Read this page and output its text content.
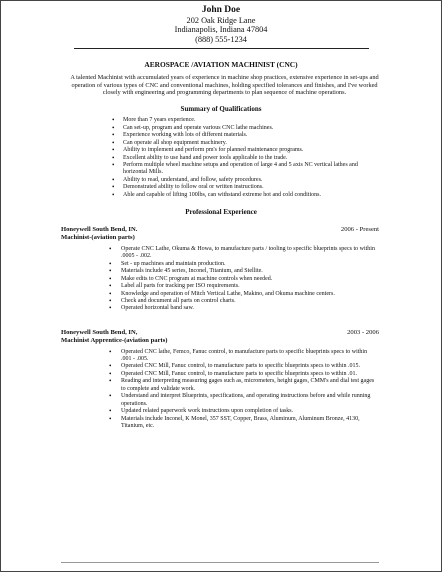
John Doe
202 Oak Ridge Lane
Indianapolis, Indiana 47804
(888) 555-1234
AEROSPACE /AVIATION MACHINIST (CNC)
A talented Machinist with accumulated years of experience in machine shop practices, extensive experience in set-ups and operation of various types of CNC and conventional machines, holding specified tolerances and finishes, and I've worked closely with engineering and programming departments to plan sequence of machine operations.
Summary of Qualifications
• More than 7 years experience.
• Can set-up, program and operate various CNC lathe machines.
• Experience working with lots of different materials.
• Can operate all shop equipment machinery.
• Ability to implement and perform pm's for planned maintenance programs.
• Excellent ability to use hand and power tools applicable to the trade.
• Perform multiple wheel machine setups and operation of large 4 and 5 axis NC vertical lathes and horizontal Mills.
• Ability to read, understand, and follow, safety procedures.
• Demonstrated ability to follow oral or written instructions.
• Able and capable of lifting 100lbs, can withstand extreme hot and cold conditions.
Professional Experience
Honeywell South Bend, IN.	2006 - Present
Machinist-(aviation parts)
• Operate CNC Lathe, Okuma & Howa, to manufacture parts / tooling to specific blueprints specs to within .0005 - .002.
• Set - up machines and maintain production.
• Materials include 45 series, Inconel, Titanium, and Stellite.
• Make edits to CNC program at machine controls when needed.
• Label all parts for tracking per ISO requirements.
• Knowledge and operation of Mitch Vertical Lathe, Makino, and Okuma machine centers.
• Check and document all parts on control charts.
• Operated horizontal band saw.
Honeywell South Bend, IN,	2003 - 2006
Machinist Apprentice-(aviation parts)
• Operated CNC lathe, Femco, Fanuc control, to manufacture parts to specific blueprints specs to within .001 - .005.
• Operated CNC Mill, Fanuc control, to manufacture parts to specific blueprints specs to within .015.
• Operated CNC Mill, Fanuc control, to manufacture parts to specific blueprints specs to within .01.
• Reading and interpreting measuring gages such as, micrometers, height gages, CMM's and dial test gages to complete and validate work.
• Understand and interpret Blueprints, specifications, and operating instructions before and while running operations.
• Updated related paperwork work instructions upon completion of tasks.
• Materials include Inconel, K Monel, 357 SST, Copper, Brass, Aluminum, Aluminum Bronze, 4130, Titanium, etc.
